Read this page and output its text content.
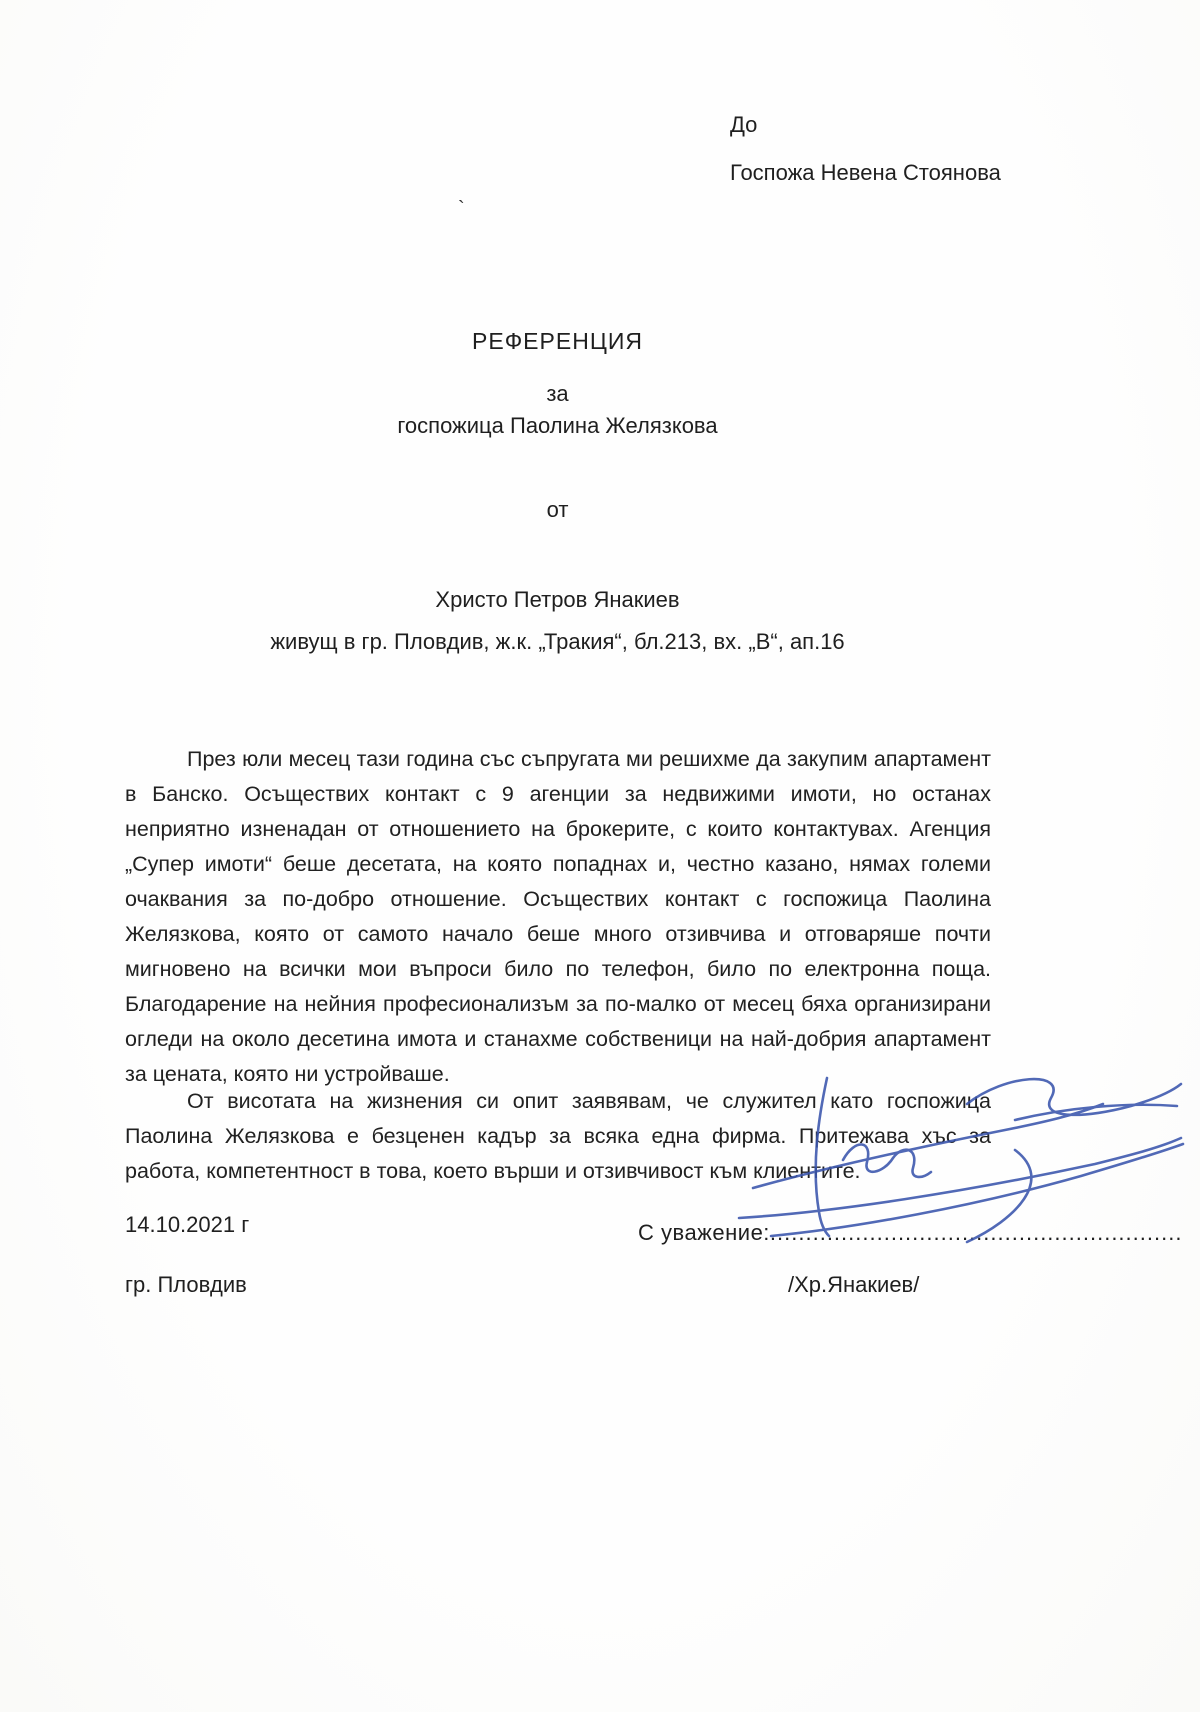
До
Госпожа Невена Стоянова
`
РЕФЕРЕНЦИЯ
за
госпожица Паолина Желязкова
от
Христо Петров Янакиев
живущ в гр. Пловдив, ж.к. „Тракия“, бл.213, вх. „В“, ап.16

През юли месец тази година със съпругата ми решихме да закупим апартамент в Банско. Осъществих контакт с 9 агенции за недвижими имоти, но останах неприятно изненадан от отношението на брокерите, с които контактувах. Агенция „Супер имоти“ беше десетата, на която попаднах и, честно казано, нямах големи очаквания за по-добро отношение. Осъществих контакт с госпожица Паолина Желязкова, която от самото начало беше много отзивчива и отговаряше почти мигновено на всички мои въпроси било по телефон, било по електронна поща. Благодарение на нейния професионализъм за по-малко от месец бяха организирани огледи на около десетина имота и станахме собственици на най-добрия апартамент за цената, която ни устройваше.

От висотата на жизнения си опит заявявам, че служител като госпожица Паолина Желязкова е безценен кадър за всяка една фирма. Притежава хъс за работа, компетентност в това, което върши и отзивчивост към клиентите.

14.10.2021 г
гр. Пловдив
С уважение:..........................................................
/Хр.Янакиев/
